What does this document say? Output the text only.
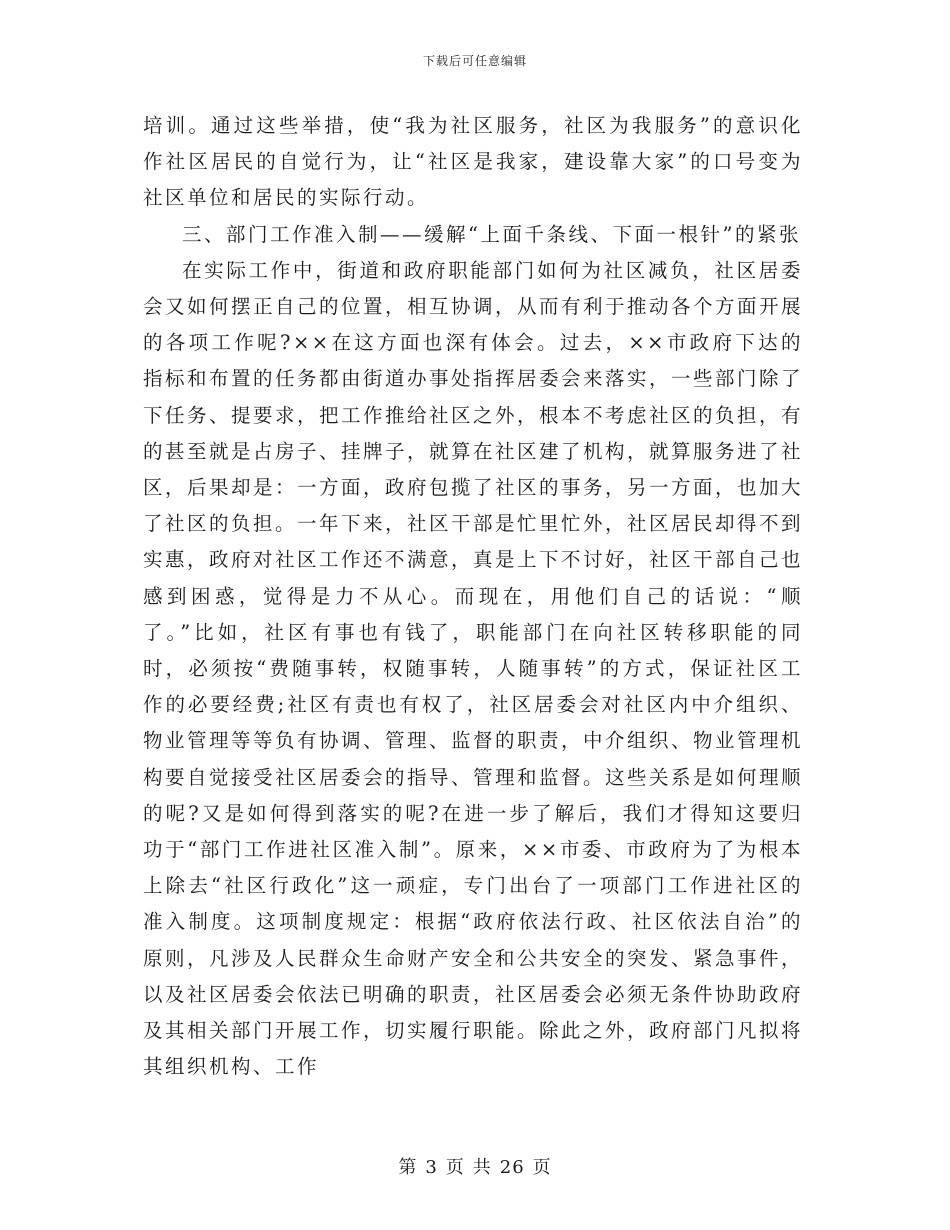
下载后可任意编辑

培训。通过这些举措，使“我为社区服务，社区为我服务”的意识化作社区居民的自觉行为，让“社区是我家，建设靠大家”的口号变为社区单位和居民的实际行动。

三、部门工作准入制——缓解“上面千条线、下面一根针”的紧张

在实际工作中，街道和政府职能部门如何为社区减负，社区居委会又如何摆正自己的位置，相互协调，从而有利于推动各个方面开展的各项工作呢?××在这方面也深有体会。过去，××市政府下达的指标和布置的任务都由街道办事处指挥居委会来落实，一些部门除了下任务、提要求，把工作推给社区之外，根本不考虑社区的负担，有的甚至就是占房子、挂牌子，就算在社区建了机构，就算服务进了社区，后果却是：一方面，政府包揽了社区的事务，另一方面，也加大了社区的负担。一年下来，社区干部是忙里忙外，社区居民却得不到实惠，政府对社区工作还不满意，真是上下不讨好，社区干部自己也感到困惑，觉得是力不从心。而现在，用他们自己的话说：“顺了。”比如，社区有事也有钱了，职能部门在向社区转移职能的同时，必须按“费随事转，权随事转，人随事转”的方式，保证社区工作的必要经费;社区有责也有权了，社区居委会对社区内中介组织、物业管理等等负有协调、管理、监督的职责，中介组织、物业管理机构要自觉接受社区居委会的指导、管理和监督。这些关系是如何理顺的呢?又是如何得到落实的呢?在进一步了解后，我们才得知这要归功于“部门工作进社区准入制”。原来，××市委、市政府为了为根本上除去“社区行政化”这一顽症，专门出台了一项部门工作进社区的准入制度。这项制度规定：根据“政府依法行政、社区依法自治”的原则，凡涉及人民群众生命财产安全和公共安全的突发、紧急事件，以及社区居委会依法已明确的职责，社区居委会必须无条件协助政府及其相关部门开展工作，切实履行职能。除此之外，政府部门凡拟将其组织机构、工作

第 3 页 共 26 页
